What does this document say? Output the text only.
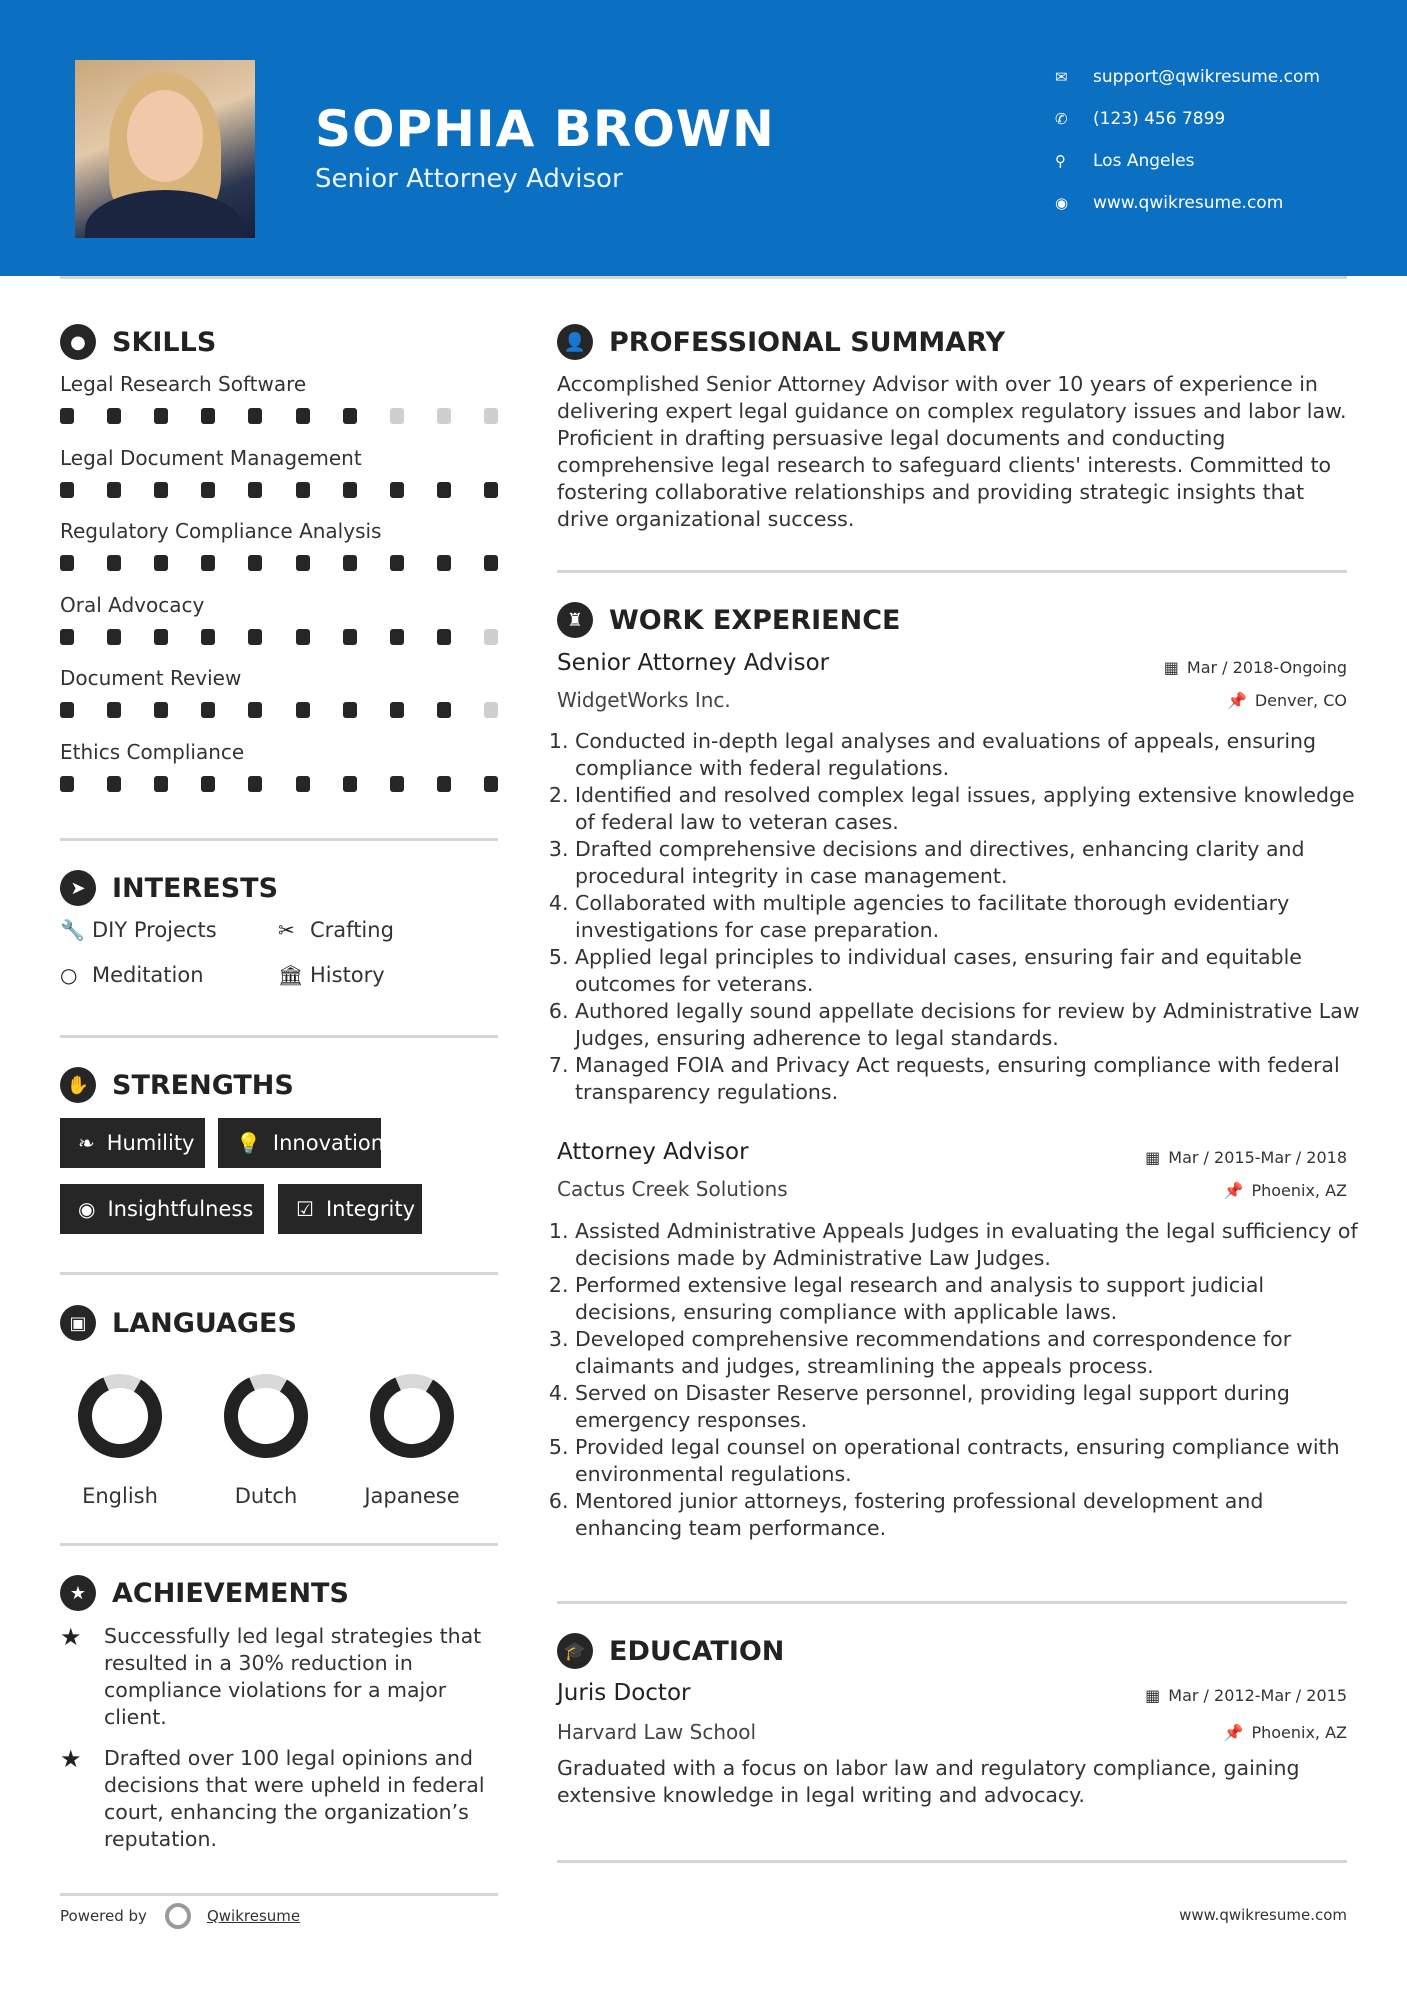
SOPHIA BROWN
Senior Attorney Advisor
✉	support@qwikresume.com
✆	(123) 456 7899
⚲	Los Angeles
◉	www.qwikresume.com
● SKILLS
Legal Research Software
Legal Document Management
Regulatory Compliance Analysis
Oral Advocacy
Document Review
Ethics Compliance
➤ INTERESTS
🔧 DIY Projects	✂ Crafting
○ Meditation	🏛 History
✋ STRENGTHS
❧ Humility 💡 Innovation
◉ Insightfulness ☑ Integrity
▣ LANGUAGES
English	Dutch	Japanese
★ ACHIEVEMENTS
★	Successfully led legal strategies that resulted in a 30% reduction in compliance violations for a major client.
★	Drafted over 100 legal opinions and decisions that were upheld in federal court, enhancing the organization’s reputation.
👤 PROFESSIONAL SUMMARY
Accomplished Senior Attorney Advisor with over 10 years of experience in delivering expert legal guidance on complex regulatory issues and labor law. Proficient in drafting persuasive legal documents and conducting comprehensive legal research to safeguard clients' interests. Committed to fostering collaborative relationships and providing strategic insights that drive organizational success.
♜ WORK EXPERIENCE
Senior Attorney Advisor	▦ Mar / 2018-Ongoing
WidgetWorks Inc.	📌 Denver, CO
1. Conducted in-depth legal analyses and evaluations of appeals, ensuring compliance with federal regulations.
2. Identified and resolved complex legal issues, applying extensive knowledge of federal law to veteran cases.
3. Drafted comprehensive decisions and directives, enhancing clarity and procedural integrity in case management.
4. Collaborated with multiple agencies to facilitate thorough evidentiary investigations for case preparation.
5. Applied legal principles to individual cases, ensuring fair and equitable outcomes for veterans.
6. Authored legally sound appellate decisions for review by Administrative Law Judges, ensuring adherence to legal standards.
7. Managed FOIA and Privacy Act requests, ensuring compliance with federal transparency regulations.
Attorney Advisor	▦ Mar / 2015-Mar / 2018
Cactus Creek Solutions	📌 Phoenix, AZ
1. Assisted Administrative Appeals Judges in evaluating the legal sufficiency of decisions made by Administrative Law Judges.
2. Performed extensive legal research and analysis to support judicial decisions, ensuring compliance with applicable laws.
3. Developed comprehensive recommendations and correspondence for claimants and judges, streamlining the appeals process.
4. Served on Disaster Reserve personnel, providing legal support during emergency responses.
5. Provided legal counsel on operational contracts, ensuring compliance with environmental regulations.
6. Mentored junior attorneys, fostering professional development and enhancing team performance.
🎓 EDUCATION
Juris Doctor	▦ Mar / 2012-Mar / 2015
Harvard Law School	📌 Phoenix, AZ
Graduated with a focus on labor law and regulatory compliance, gaining extensive knowledge in legal writing and advocacy.
Powered by	Qwikresume	www.qwikresume.com
